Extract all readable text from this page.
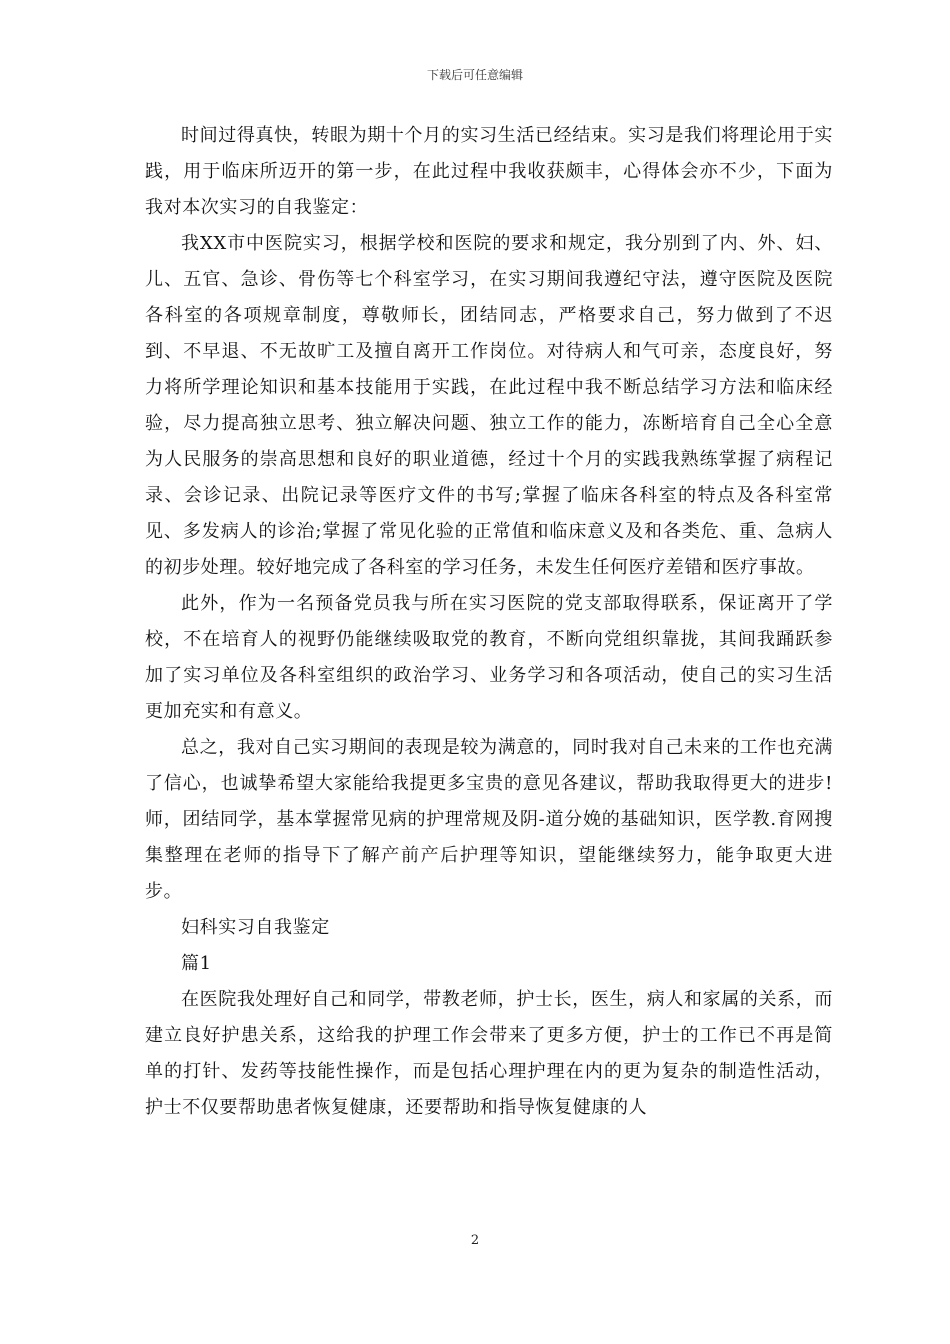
下载后可任意编辑

时间过得真快，转眼为期十个月的实习生活已经结束。实习是我们将理论用于实践，用于临床所迈开的第一步，在此过程中我收获颇丰，心得体会亦不少，下面为我对本次实习的自我鉴定：

我XX市中医院实习，根据学校和医院的要求和规定，我分别到了内、外、妇、儿、五官、急诊、骨伤等七个科室学习，在实习期间我遵纪守法，遵守医院及医院各科室的各项规章制度，尊敬师长，团结同志，严格要求自己，努力做到了不迟到、不早退、不无故旷工及擅自离开工作岗位。对待病人和气可亲，态度良好，努力将所学理论知识和基本技能用于实践，在此过程中我不断总结学习方法和临床经验，尽力提高独立思考、独立解决问题、独立工作的能力，冻断培育自己全心全意为人民服务的崇高思想和良好的职业道德，经过十个月的实践我熟练掌握了病程记录、会诊记录、出院记录等医疗文件的书写;掌握了临床各科室的特点及各科室常见、多发病人的诊治;掌握了常见化验的正常值和临床意义及和各类危、重、急病人的初步处理。较好地完成了各科室的学习任务，未发生任何医疗差错和医疗事故。

此外，作为一名预备党员我与所在实习医院的党支部取得联系，保证离开了学校，不在培育人的视野仍能继续吸取党的教育，不断向党组织靠拢，其间我踊跃参加了实习单位及各科室组织的政治学习、业务学习和各项活动，使自己的实习生活更加充实和有意义。

总之，我对自己实习期间的表现是较为满意的，同时我对自己未来的工作也充满了信心，也诚挚希望大家能给我提更多宝贵的意见各建议，帮助我取得更大的进步!师，团结同学，基本掌握常见病的护理常规及阴-道分娩的基础知识，医学教.育网搜集整理在老师的指导下了解产前产后护理等知识，望能继续努力，能争取更大进步。

妇科实习自我鉴定

篇1

在医院我处理好自己和同学，带教老师，护士长，医生，病人和家属的关系，而建立良好护患关系，这给我的护理工作会带来了更多方便，护士的工作已不再是简单的打针、发药等技能性操作，而是包括心理护理在内的更为复杂的制造性活动，护士不仅要帮助患者恢复健康，还要帮助和指导恢复健康的人

2
